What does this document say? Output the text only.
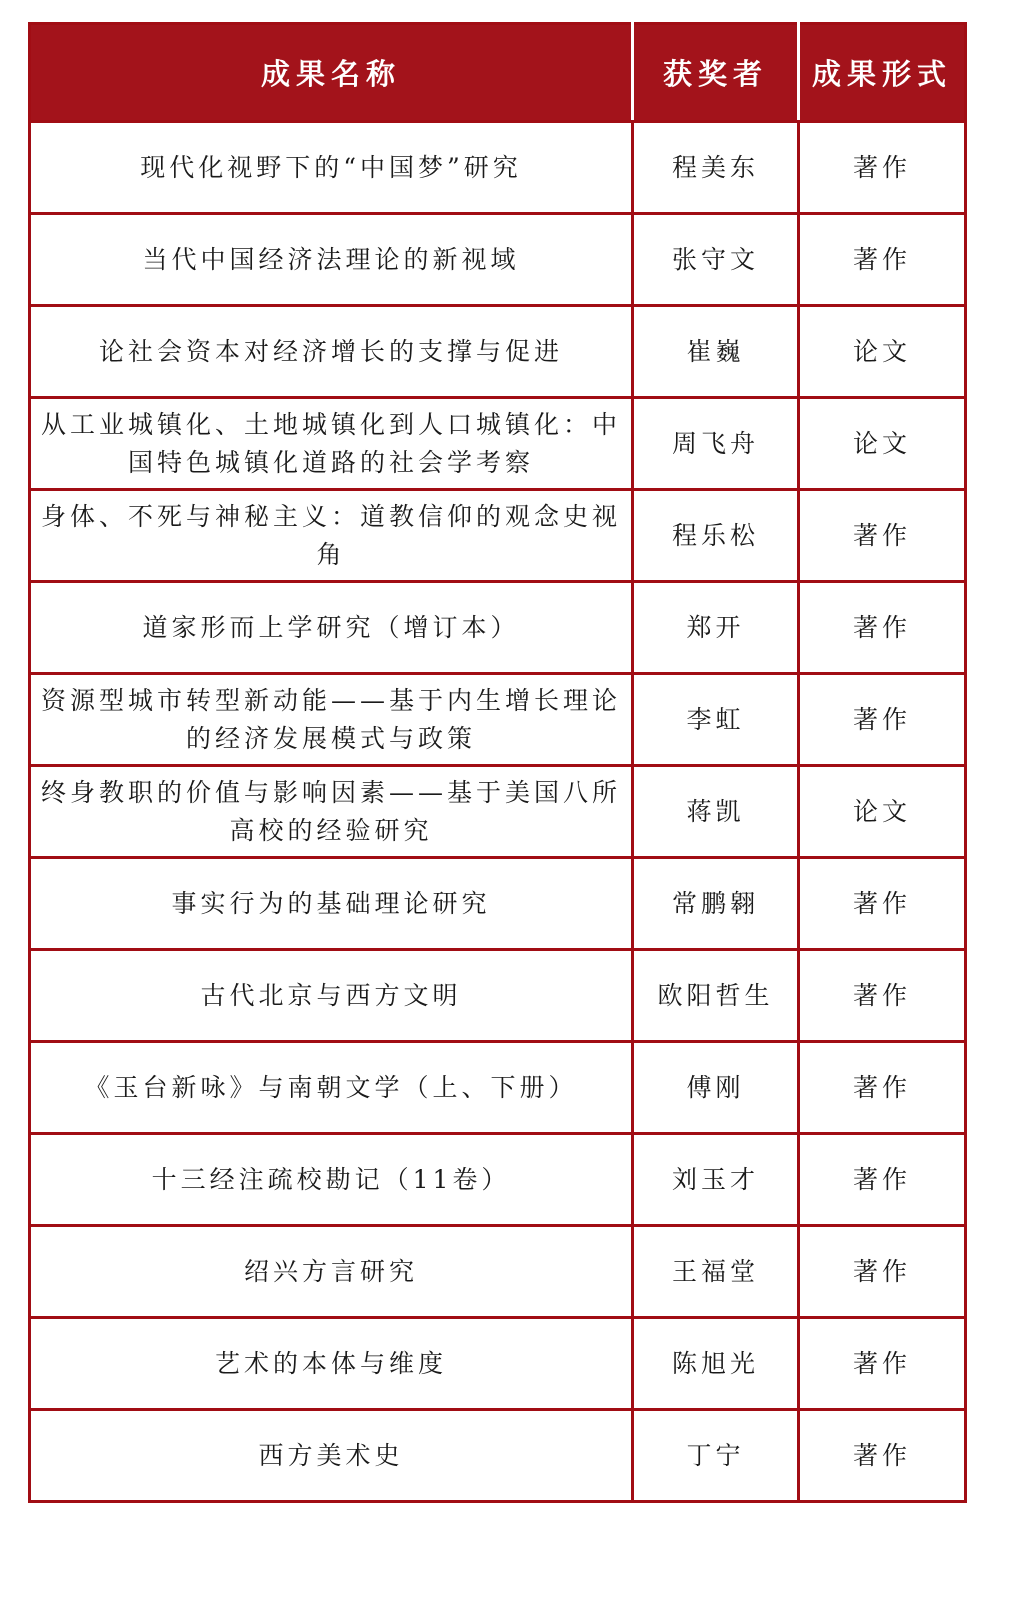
成果名称	获奖者	成果形式
现代化视野下的“中国梦”研究	程美东	著作
当代中国经济法理论的新视域	张守文	著作
论社会资本对经济增长的支撑与促进	崔巍	论文
从工业城镇化、土地城镇化到人口城镇化：中国特色城镇化道路的社会学考察	周飞舟	论文
身体、不死与神秘主义：道教信仰的观念史视角	程乐松	著作
道家形而上学研究（增订本）	郑开	著作
资源型城市转型新动能——基于内生增长理论的经济发展模式与政策	李虹	著作
终身教职的价值与影响因素——基于美国八所高校的经验研究	蒋凯	论文
事实行为的基础理论研究	常鹏翱	著作
古代北京与西方文明	欧阳哲生	著作
《玉台新咏》与南朝文学（上、下册）	傅刚	著作
十三经注疏校勘记（11卷）	刘玉才	著作
绍兴方言研究	王福堂	著作
艺术的本体与维度	陈旭光	著作
西方美术史	丁宁	著作
